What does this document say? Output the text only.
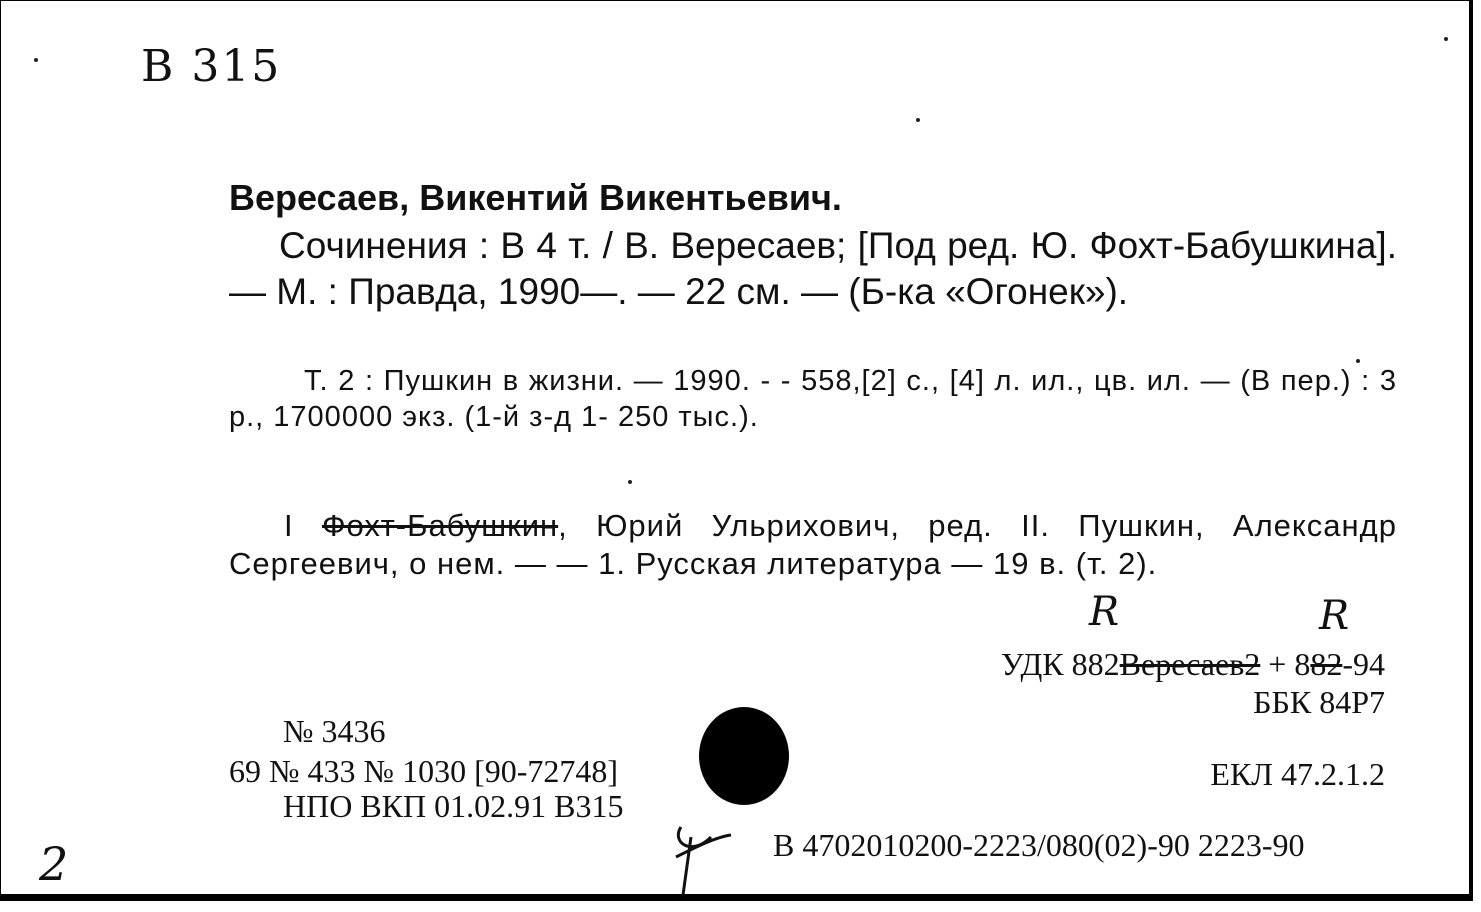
В 315
Вересаев, Викентий Викентьевич.

Сочинения : В 4 т. / В. Вересаев; [Под ред. Ю. Фохт-Бабушкина]. — М. : Правда, 1990—. — 22 см. — (Б-ка «Огонек»).

Т. 2 : Пушкин в жизни. — 1990. - - 558,[2] с., [4] л. ил., цв. ил. — (В пер.) : 3 р., 1700000 экз. (1-й з-д 1- 250 тыс.).

I Фохт-Бабушкин, Юрий Ульрихович, ред. II. Пушкин, Александр Сергеевич, о нем. — — 1. Русская литература — 19 в. (т. 2).

R	R
УДК 882Вересаев2 + 882-94
ББК 84Р7
ЕКЛ 47.2.1.2
№ 3436
69 № 433 № 1030 [90-72748]
НПО ВКП 01.02.91 В315
В 4702010200-2223/080(02)-90 2223-90
2
